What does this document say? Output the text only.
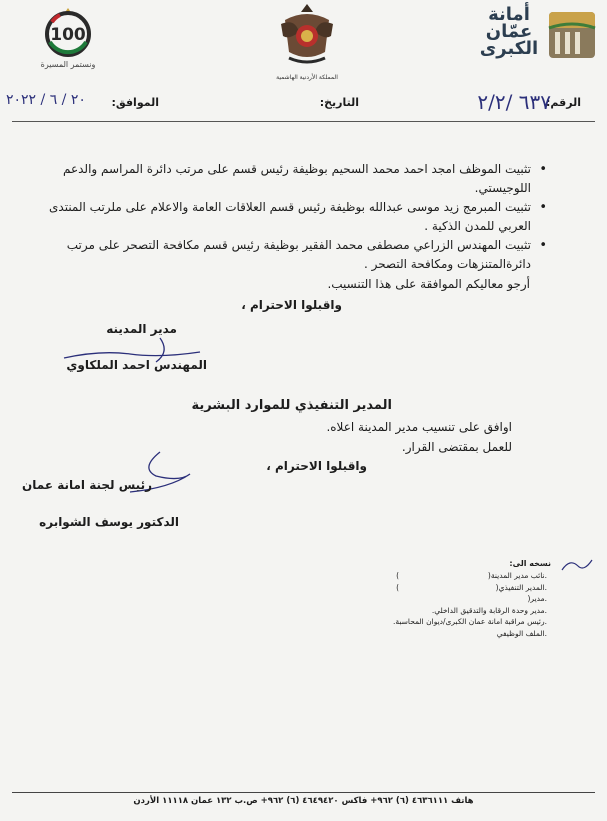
100
ونستمر المسيرة
المملكة الأردنية الهاشمية
أمانة
عمّان
الكبرى
الرقم:
٦٣٧ /٢/٢
التاريخ:
الموافق:
٢٠ / ٦ / ٢٠٢٢
• تثبيت الموظف امجد احمد محمد السحيم بوظيفة رئيس قسم على مرتب دائرة المراسم والدعم اللوجيستي.
• تثبيت المبرمج زيد موسى عبدالله بوظيفة رئيس قسم العلاقات العامة والاعلام على ملرتب المنتدى العربي للمدن الذكية .
• تثبيت المهندس الزراعي مصطفى محمد الفقير بوظيفة رئيس قسم مكافحة التصحر على مرتب دائرةالمتنزهات ومكافحة التصحر .
أرجو معاليكم الموافقة على هذا التنسيب.
واقبلوا الاحترام ،
مدير المدينه
المهندس احمد الملكاوي
المدير التنفيذي للموارد البشرية
اوافق على تنسيب مدير المدينة اعلاه.
للعمل بمقتضى القرار.
واقبلوا الاحترام ،
رئيس لجنة امانة عمان
الدكتور يوسف الشوابره
نسخه الى:
.نائب مدير المدينة(
.المدير التنفيذي(
.مدير(
.مدير وحدة الرقابة والتدقيق الداخلي.
.رئيس مراقبة امانة عمان الكبرى/ديوان المحاسبة.
.الملف الوظيفي
)
)
هاتف ٤٦٣٦١١١ (٦) ٩٦٢+ فاكس ٤٦٤٩٤٢٠ (٦) ٩٦٢+ ص.ب ١٣٢ عمان ١١١١٨ الأردن
